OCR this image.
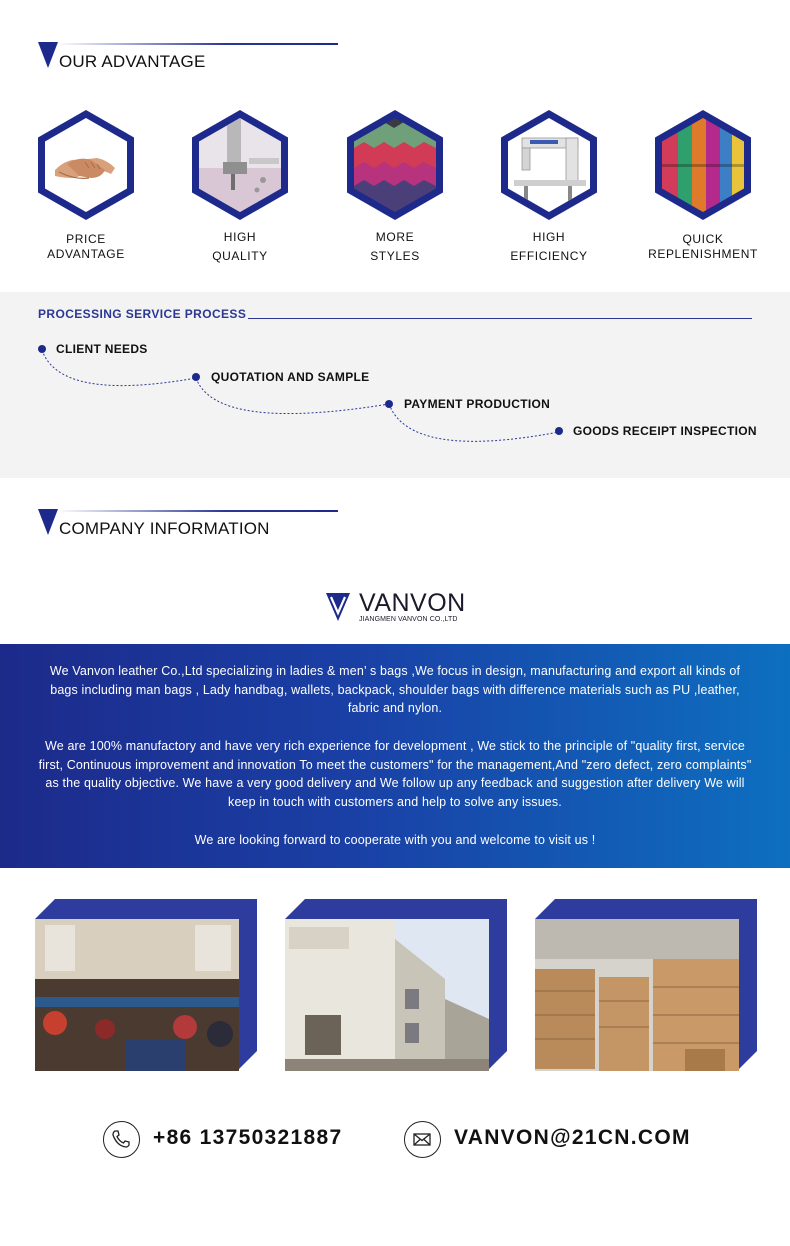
OUR ADVANTAGE
PRICE
ADVANTAGE
HIGH
QUALITY
MORE
STYLES
HIGH
EFFICIENCY
QUICK
REPLENISHMENT
PROCESSING SERVICE PROCESS
CLIENT NEEDS
QUOTATION AND SAMPLE
PAYMENT PRODUCTION
GOODS RECEIPT INSPECTION
COMPANY INFORMATION
VANVON
JIANGMEN VANVON CO.,LTD

We Vanvon leather Co.,Ltd specializing in ladies & men’ s bags ,We focus in design, manufacturing and export all kinds of bags including man bags , Lady handbag, wallets, backpack, shoulder bags with difference materials such as PU ,leather, fabric and nylon.

We are 100% manufactory and have very rich experience for development , We stick to the principle of "quality first, service first, Continuous improvement and innovation To meet the customers" for the management,And "zero defect, zero complaints" as the quality objective. We have a very good delivery and We follow up any feedback and suggestion after delivery We will keep in touch with customers and help to solve any issues.

We are looking forward to cooperate with you and welcome to visit us !

+86 13750321887	VANVON@21CN.COM
